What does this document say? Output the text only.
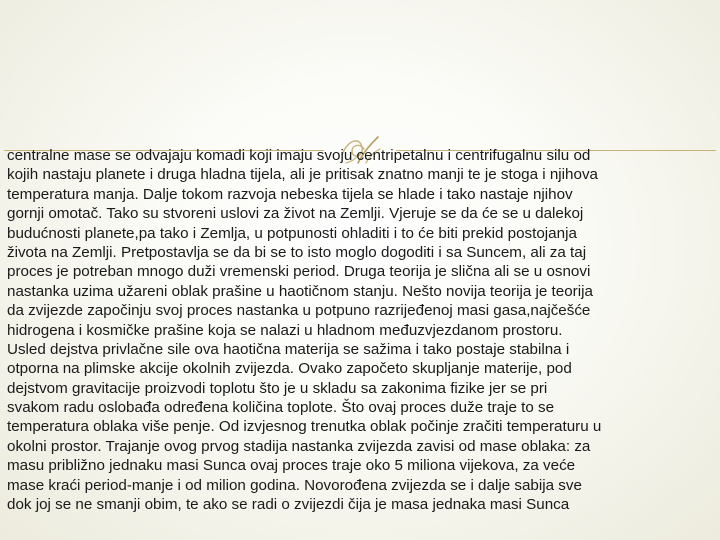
centralne mase se odvajaju komadi koji imaju svoju centripetalnu i centrifugalnu silu od
kojih nastaju planete i druga hladna tijela, ali je pritisak znatno manji te je stoga i njihova
temperatura manja. Dalje tokom razvoja nebeska tijela se hlade i tako nastaje njihov
gornji omotač. Tako su stvoreni uslovi za život na Zemlji. Vjeruje se da će se u dalekoj
budućnosti planete,pa tako i Zemlja, u potpunosti ohladiti i to će biti prekid postojanja
života na Zemlji. Pretpostavlja se da bi se to isto moglo dogoditi i sa Suncem, ali za taj
proces je potreban mnogo duži vremenski period. Druga teorija je slična ali se u osnovi
nastanka uzima užareni oblak prašine u haotičnom stanju. Nešto novija teorija je teorija
da zvijezde započinju svoj proces nastanka u potpuno razrijeđenoj masi gasa,najčešće
hidrogena i kosmičke prašine koja se nalazi u hladnom međuzvjezdanom prostoru.
Usled dejstva privlačne sile ova haotična materija se sažima i tako postaje stabilna i
otporna na plimske akcije okolnih zvijezda. Ovako započeto skupljanje materije, pod
dejstvom gravitacije proizvodi toplotu što je u skladu sa zakonima fizike jer se pri
svakom radu oslobađa određena količina toplote. Što ovaj proces duže traje to se
temperatura oblaka više penje. Od izvjesnog trenutka oblak počinje zračiti temperaturu u
okolni prostor. Trajanje ovog prvog stadija nastanka zvijezda zavisi od mase oblaka: za
masu približno jednaku masi Sunca ovaj proces traje oko 5 miliona vijekova, za veće
mase kraći period-manje i od milion godina. Novorođena zvijezda se i dalje sabija sve
dok joj se ne smanji obim, te ako se radi o zvijezdi čija je masa jednaka masi Sunca
